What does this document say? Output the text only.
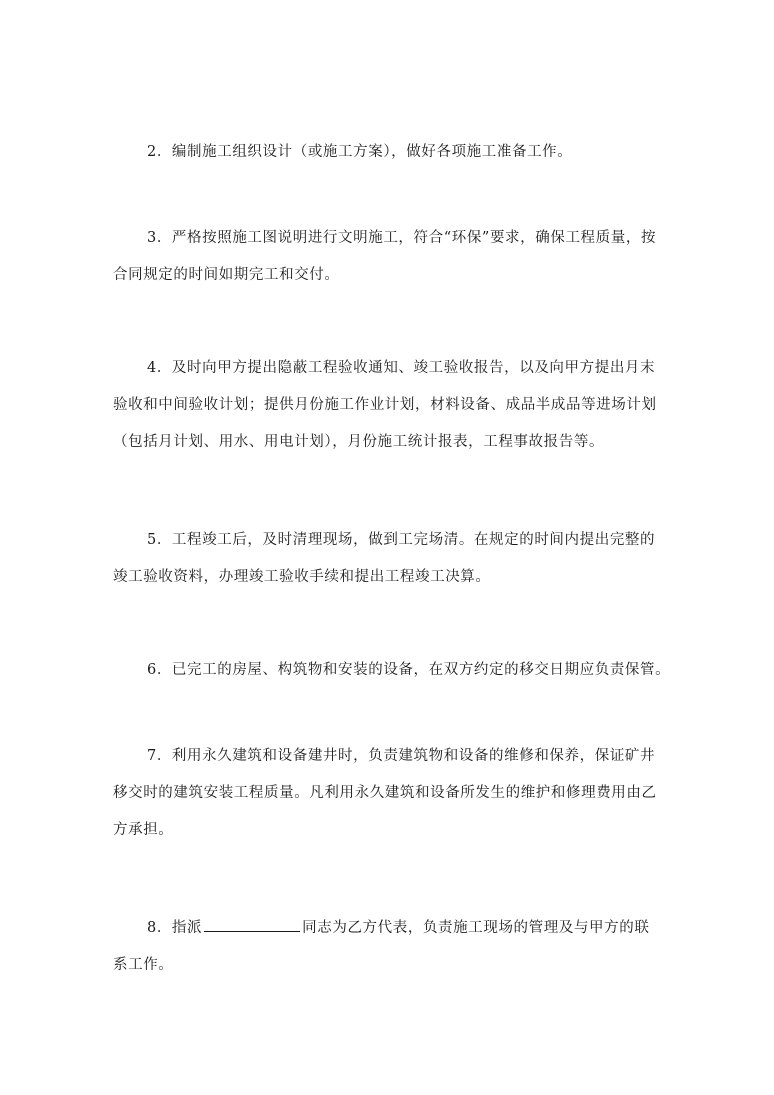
2．编制施工组织设计（或施工方案），做好各项施工准备工作。
3．严格按照施工图说明进行文明施工，符合“环保”要求，确保工程质量，按
合同规定的时间如期完工和交付。
4．及时向甲方提出隐蔽工程验收通知、竣工验收报告，以及向甲方提出月末
验收和中间验收计划；提供月份施工作业计划，材料设备、成品半成品等进场计划
（包括月计划、用水、用电计划），月份施工统计报表，工程事故报告等。
5．工程竣工后，及时清理现场，做到工完场清。在规定的时间内提出完整的
竣工验收资料，办理竣工验收手续和提出工程竣工决算。
6．已完工的房屋、构筑物和安装的设备，在双方约定的移交日期应负责保管。
7．利用永久建筑和设备建井时，负责建筑物和设备的维修和保养，保证矿井
移交时的建筑安装工程质量。凡利用永久建筑和设备所发生的维护和修理费用由乙
方承担。
8．指派	同志为乙方代表，负责施工现场的管理及与甲方的联
系工作。
